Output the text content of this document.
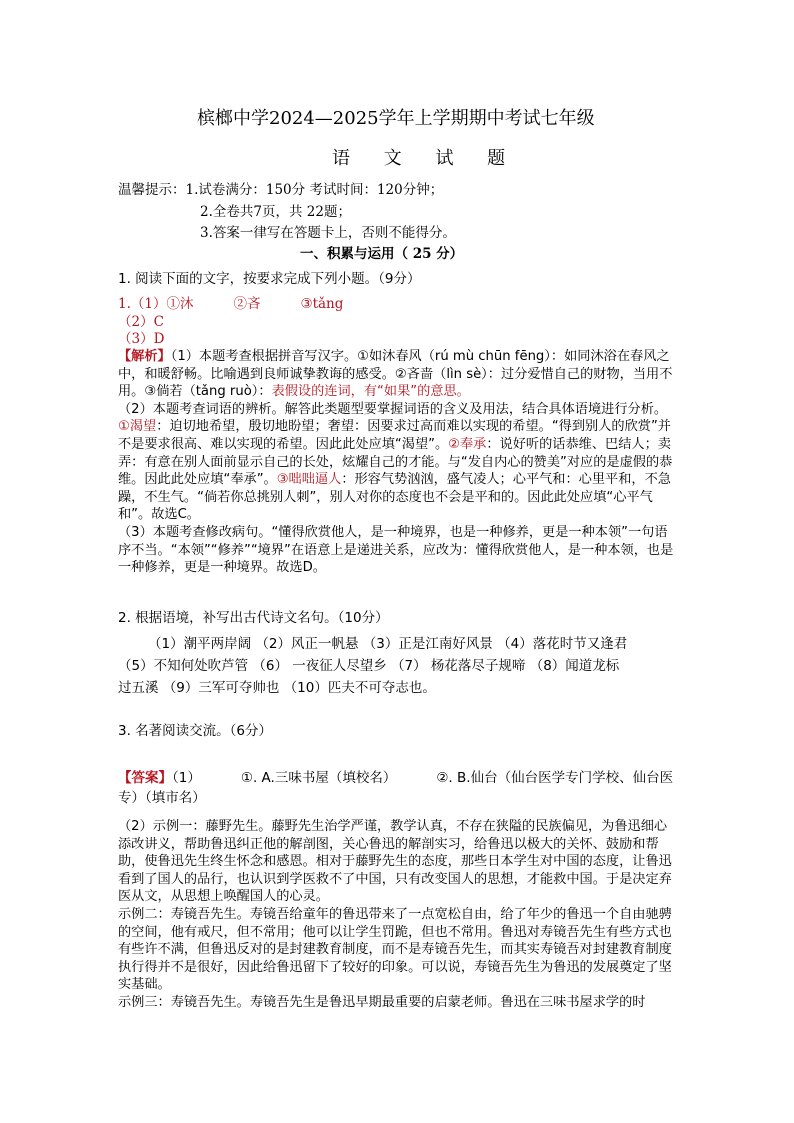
槟榔中学2024—2025学年上学期期中考试七年级
语 文 试 题
温馨提示：1.试卷满分：150分 考试时间：120分钟；
2.全卷共7页，共 22题；
3.答案一律写在答题卡上，否则不能得分。
一、积累与运用（ 25 分）
1. 阅读下面的文字，按要求完成下列小题。（9分）
1.（1）①沐	②吝	③tǎng
（2）C
（3）D

【解析】（1）本题考查根据拼音写汉字。①如沐春风（rú mù chūn fēng）：如同沐浴在春风之中，和暖舒畅。比喻遇到良师诚挚教诲的感受。②吝啬（lìn sè）：过分爱惜自己的财物，当用不用。③倘若（tǎng ruò）：表假设的连词，有“如果”的意思。

（2）本题考查词语的辨析。解答此类题型要掌握词语的含义及用法，结合具体语境进行分析。①渴望：迫切地希望，殷切地盼望；奢望：因要求过高而难以实现的希望。“得到别人的欣赏”并不是要求很高、难以实现的希望。因此此处应填“渴望”。②奉承：说好听的话恭维、巴结人；卖弄：有意在别人面前显示自己的长处，炫耀自己的才能。与“发自内心的赞美”对应的是虚假的恭维。因此此处应填“奉承”。③咄咄逼人：形容气势汹汹，盛气凌人；心平气和：心里平和，不急躁，不生气。“倘若你总挑别人刺”，别人对你的态度也不会是平和的。因此此处应填“心平气和”。故选C。

（3）本题考查修改病句。“懂得欣赏他人，是一种境界，也是一种修养，更是一种本领”一句语序不当。“本领”“修养”“境界”在语意上是递进关系，应改为：懂得欣赏他人，是一种本领，也是一种修养，更是一种境界。故选D。

2. 根据语境，补写出古代诗文名句。（10分）
（1）潮平两岸阔 （2）风正一帆悬 （3）正是江南好风景 （4）落花时节又逢君
（5）不知何处吹芦管 （6） 一夜征人尽望乡 （7） 杨花落尽子规啼 （8）闻道龙标
过五溪 （9）三军可夺帅也 （10）匹夫不可夺志也。
3. 名著阅读交流。（6分）
【答案】（1）	①. A.三味书屋（填校名）	②. B.仙台（仙台医学专门学校、仙台医
专）（填市名）

（2）示例一：藤野先生。藤野先生治学严谨，教学认真，不存在狭隘的民族偏见，为鲁迅细心添改讲义，帮助鲁迅纠正他的解剖图，关心鲁迅的解剖实习，给鲁迅以极大的关怀、鼓励和帮助，使鲁迅先生终生怀念和感恩。相对于藤野先生的态度，那些日本学生对中国的态度，让鲁迅看到了国人的品行，也认识到学医救不了中国，只有改变国人的思想，才能救中国。于是决定弃医从文，从思想上唤醒国人的心灵。

示例二：寿镜吾先生。寿镜吾给童年的鲁迅带来了一点宽松自由，给了年少的鲁迅一个自由驰骋的空间，他有戒尺，但不常用；他可以让学生罚跪，但也不常用。鲁迅对寿镜吾先生有些方式也有些许不满，但鲁迅反对的是封建教育制度，而不是寿镜吾先生，而其实寿镜吾对封建教育制度执行得并不是很好，因此给鲁迅留下了较好的印象。可以说，寿镜吾先生为鲁迅的发展奠定了坚实基础。

示例三：寿镜吾先生。寿镜吾先生是鲁迅早期最重要的启蒙老师。鲁迅在三味书屋求学的时
